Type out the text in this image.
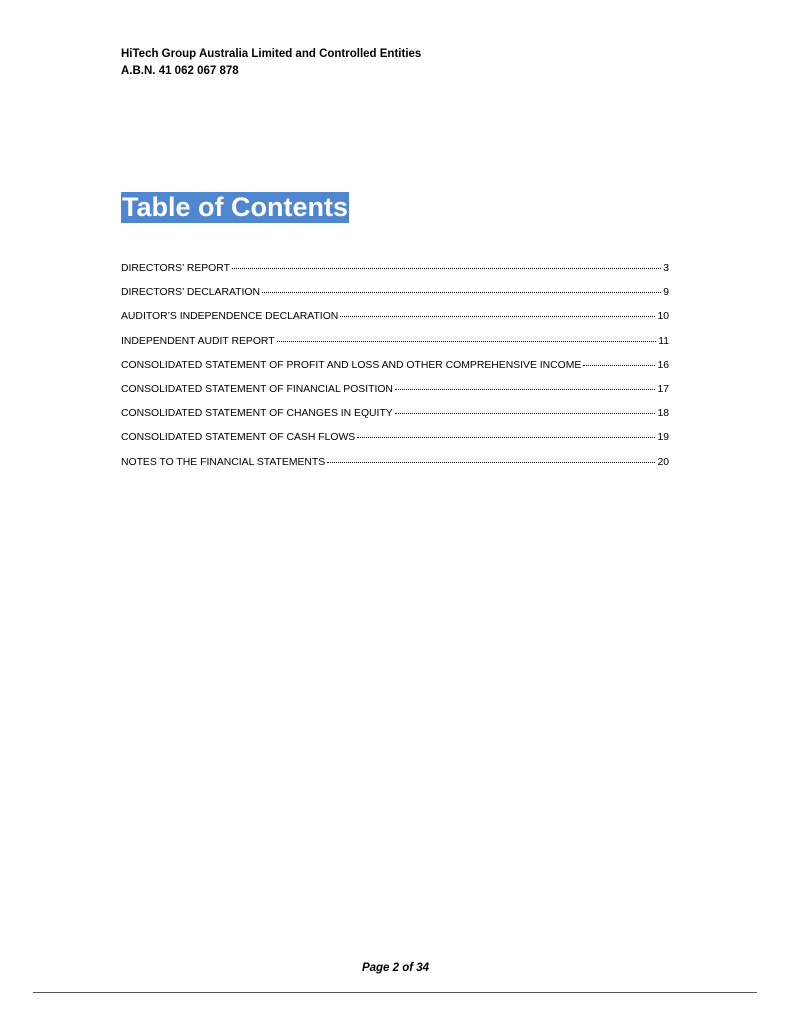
HiTech Group Australia Limited and Controlled Entities
A.B.N. 41 062 067 878
Table of Contents
DIRECTORS’ REPORT	3
DIRECTORS’ DECLARATION	9
AUDITOR’S INDEPENDENCE DECLARATION	10
INDEPENDENT AUDIT REPORT	11
CONSOLIDATED STATEMENT OF PROFIT AND LOSS AND OTHER COMPREHENSIVE INCOME	16
CONSOLIDATED STATEMENT OF FINANCIAL POSITION	17
CONSOLIDATED STATEMENT OF CHANGES IN EQUITY	18
CONSOLIDATED STATEMENT OF CASH FLOWS	19
NOTES TO THE FINANCIAL STATEMENTS	20
Page 2 of 34
